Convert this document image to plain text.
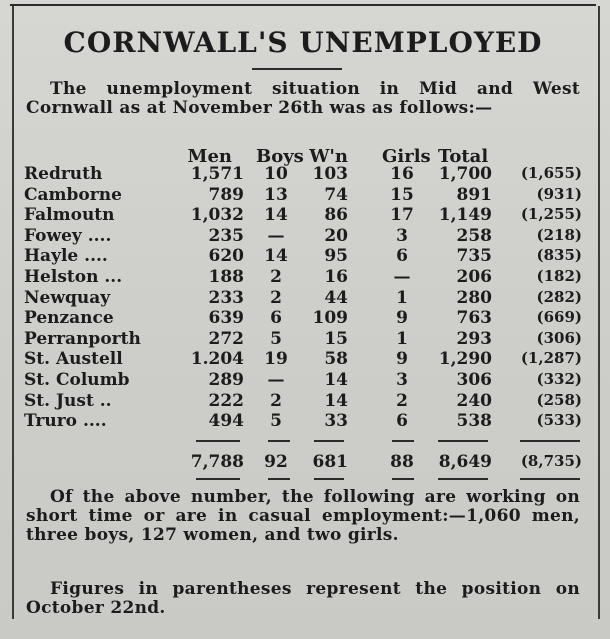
CORNWALL'S UNEMPLOYED
The unemployment situation in Mid and West Cornwall as at November 26th was as follows:—
Men Boys W'n Girls Total
Redruth	1,571	10	103	16	1,700	(1,655)
Camborne	789	13	74	15	891	(931)
Falmoutn	1,032	14	86	17	1,149	(1,255)
Fowey ....	235	—	20	3	258	(218)
Hayle ....	620	14	95	6	735	(835)
Helston ...	188	2	16	—	206	(182)
Newquay	233	2	44	1	280	(282)
Penzance	639	6	109	9	763	(669)
Perranporth	272	5	15	1	293	(306)
St. Austell	1.204	19	58	9	1,290	(1,287)
St. Columb	289	—	14	3	306	(332)
St. Just ..	222	2	14	2	240	(258)
Truro ....	494	5	33	6	538	(533)
7,788	92	681	88	8,649	(8,735)
Of the above number, the following are working on short time or are in casual employment:—1,060 men, three boys, 127 women, and two girls.
Figures in parentheses represent the position on October 22nd.
